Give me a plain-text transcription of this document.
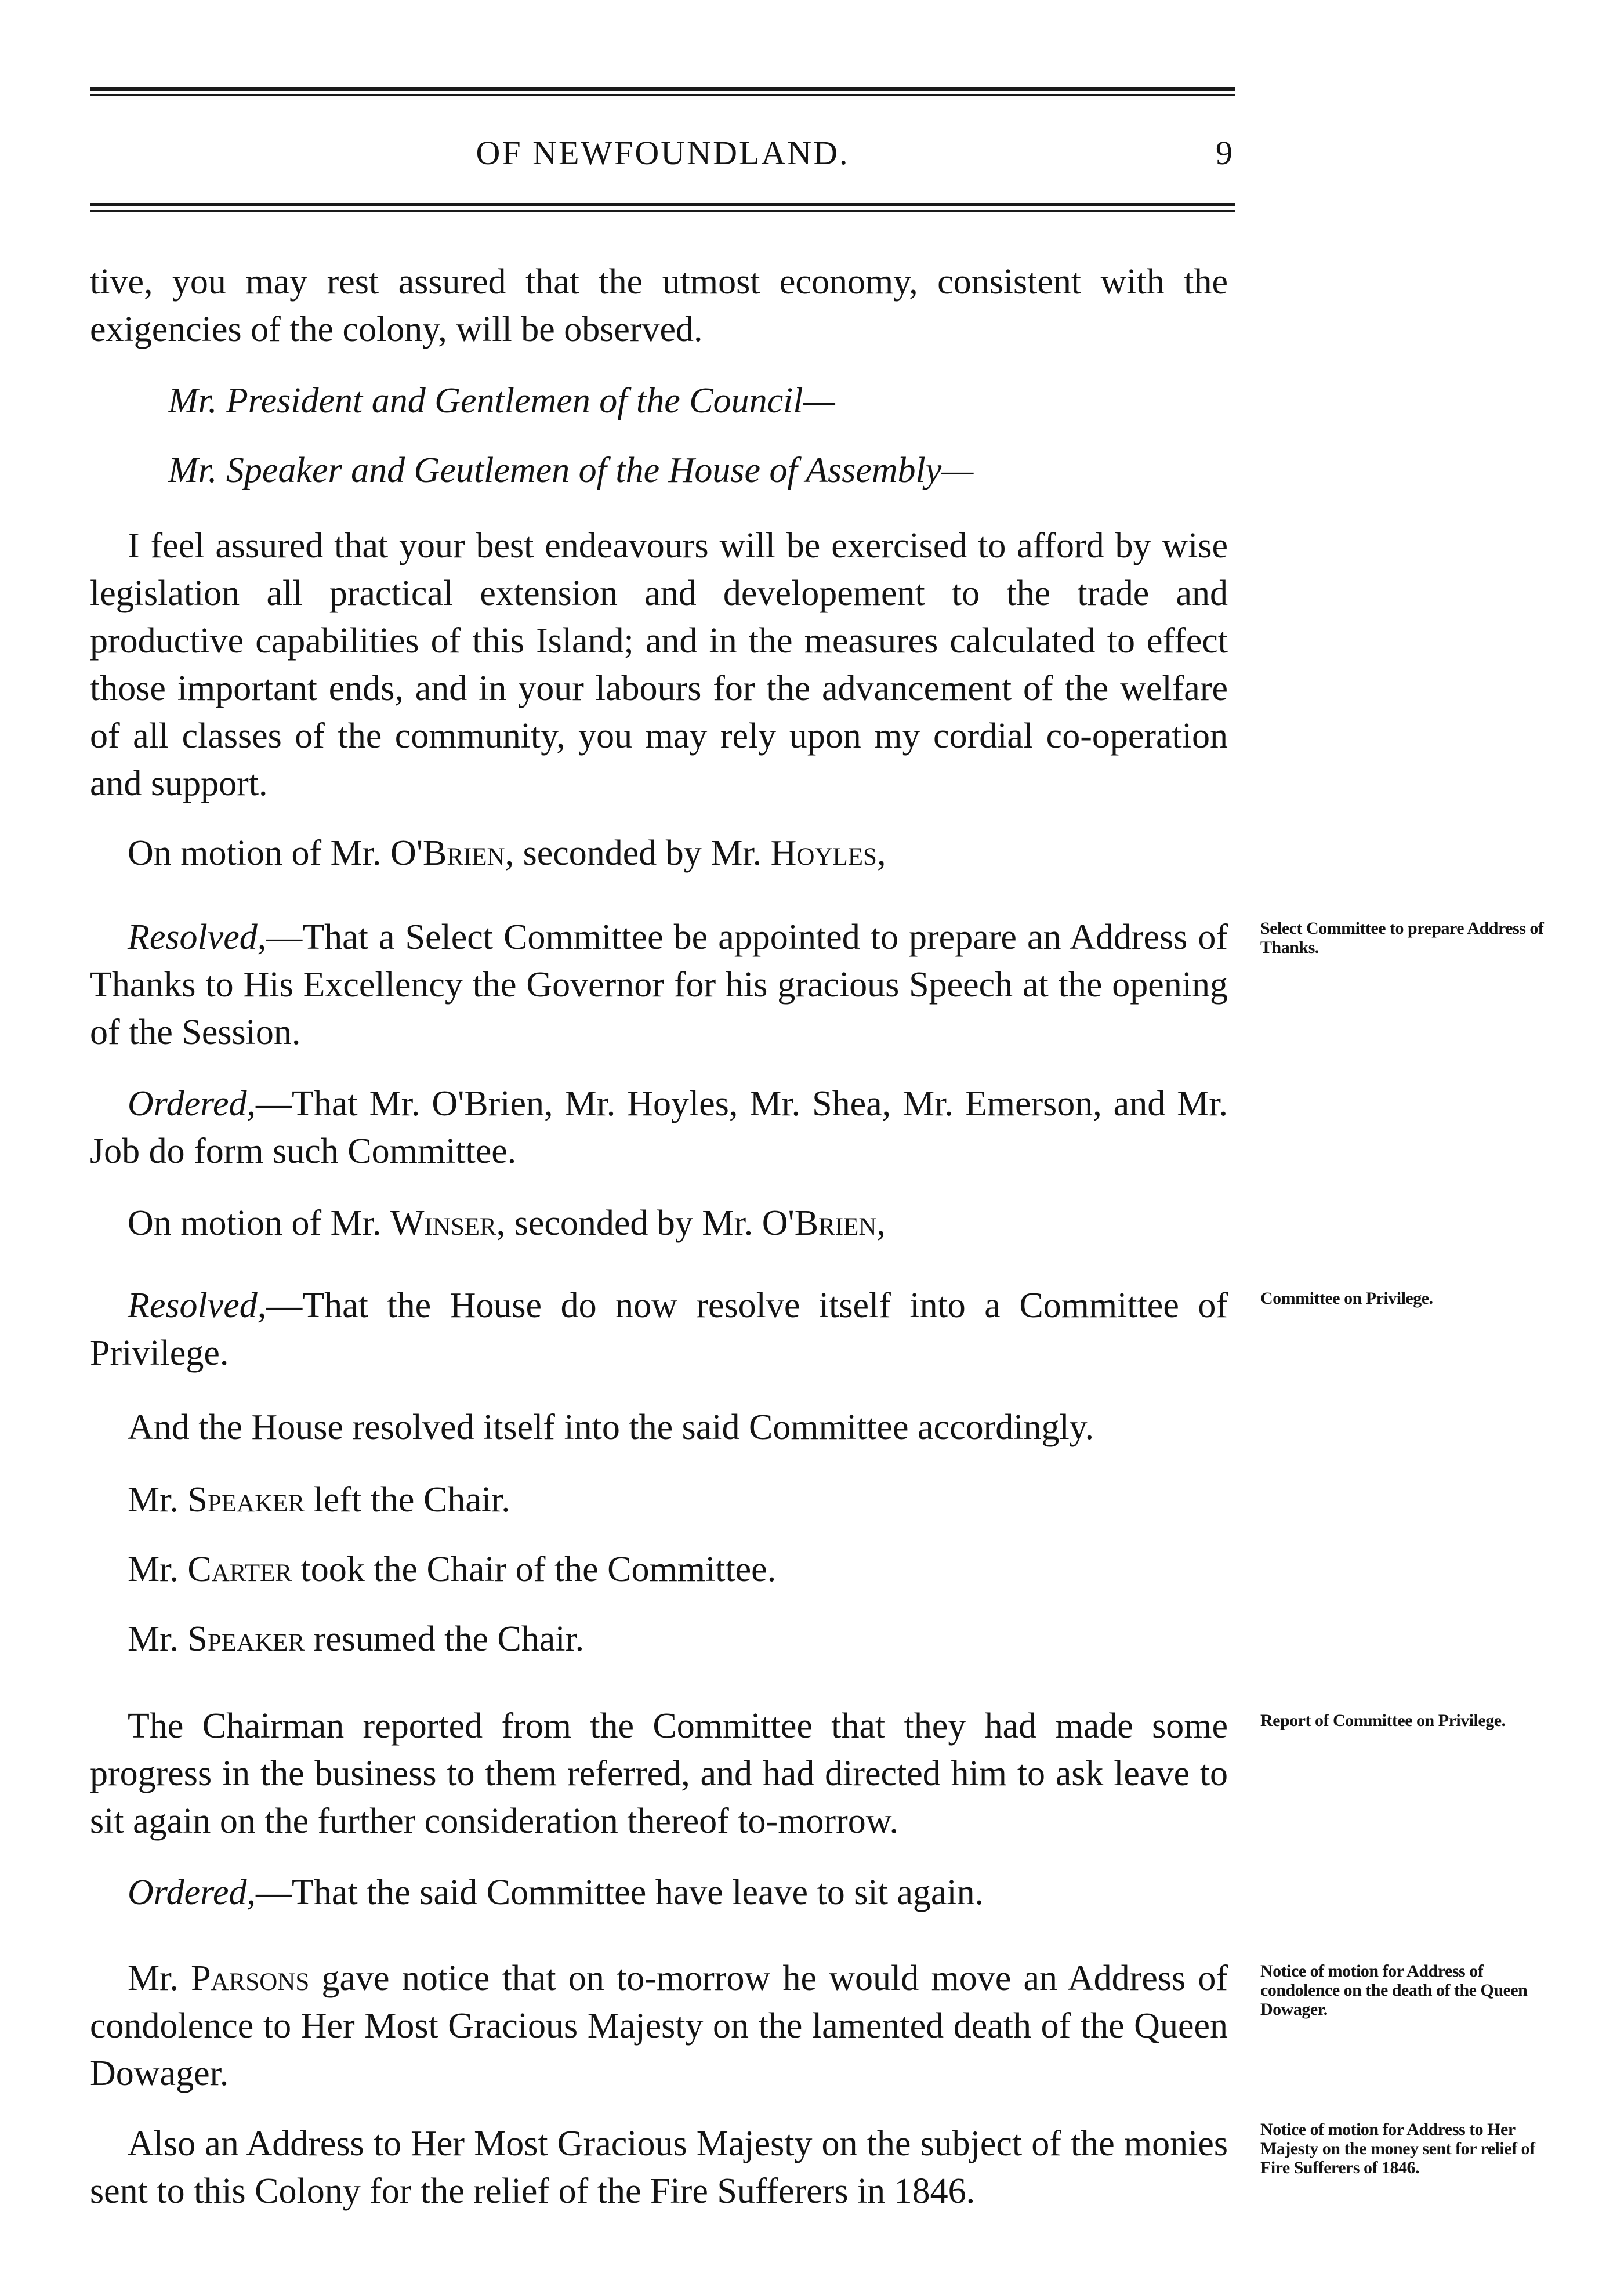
OF NEWFOUNDLAND.	9

tive, you may rest assured that the utmost economy, consistent with the exigencies of the colony, will be observed.

Mr. President and Gentlemen of the Council—

Mr. Speaker and Geutlemen of the House of Assembly—

I feel assured that your best endeavours will be exercised to afford by wise legislation all practical extension and developement to the trade and productive capabilities of this Island; and in the measures calculated to effect those important ends, and in your labours for the advancement of the welfare of all classes of the community, you may rely upon my cordial co-operation and support.

On motion of Mr. O'Brien, seconded by Mr. Hoyles,

Resolved,—That a Select Committee be appointed to prepare an Address of Thanks to His Excellency the Governor for his gracious Speech at the opening of the Session.

Ordered,—That Mr. O'Brien, Mr. Hoyles, Mr. Shea, Mr. Emerson, and Mr. Job do form such Committee.

On motion of Mr. Winser, seconded by Mr. O'Brien,

Resolved,—That the House do now resolve itself into a Committee of Privilege.

And the House resolved itself into the said Committee accordingly.

Mr. Speaker left the Chair.

Mr. Carter took the Chair of the Committee.

Mr. Speaker resumed the Chair.

The Chairman reported from the Committee that they had made some progress in the business to them referred, and had directed him to ask leave to sit again on the further consideration thereof to-morrow.

Ordered,—That the said Committee have leave to sit again.

Mr. Parsons gave notice that on to-morrow he would move an Address of condolence to Her Most Gracious Majesty on the lamented death of the Queen Dowager.

Also an Address to Her Most Gracious Majesty on the subject of the monies sent to this Colony for the relief of the Fire Sufferers in 1846.

Select Committee to prepare Address of Thanks.
Committee on Privilege.
Report of Committee on Privilege.
Notice of motion for Address of condolence on the death of the Queen Dowager.
Notice of motion for Address to Her Majesty on the money sent for relief of Fire Sufferers of 1846.
